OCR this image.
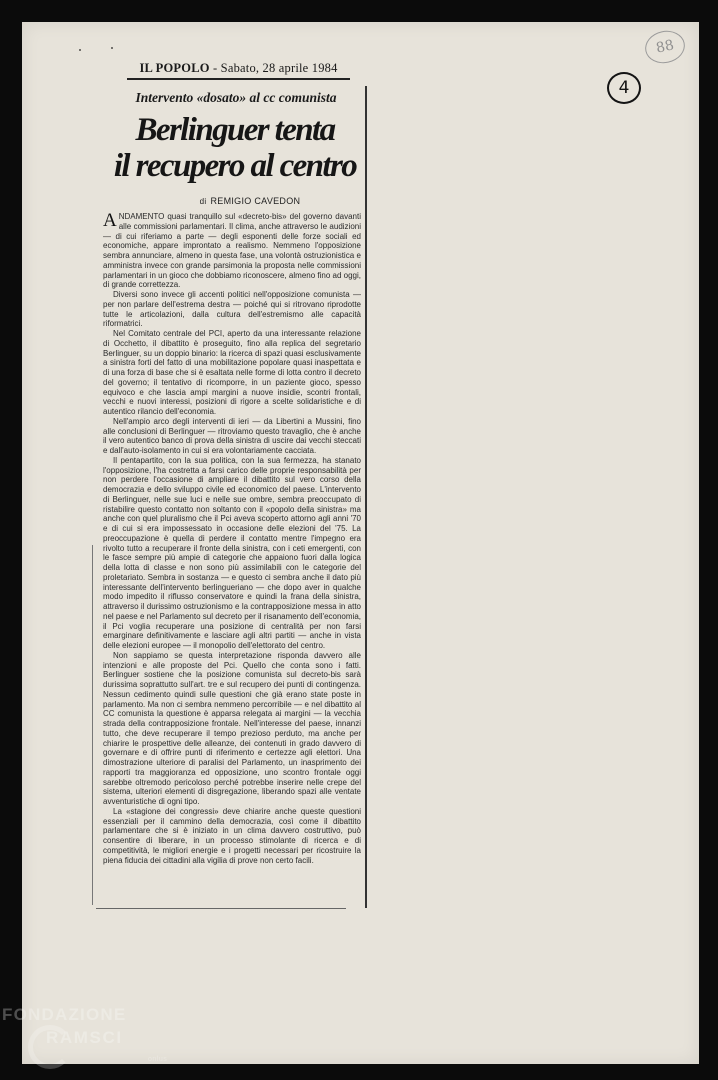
IL POPOLO - Sabato, 28 aprile 1984
Intervento «dosato» al cc comunista
Berlinguer tenta
il recupero al centro
di REMIGIO CAVEDON

ANDAMENTO quasi tranquillo sul «decreto-bis» del governo davanti alle commissioni parlamentari. Il clima, anche attraverso le audizioni — di cui riferiamo a parte — degli esponenti delle forze sociali ed economiche, appare improntato a realismo. Nemmeno l'opposizione sembra annunciare, almeno in questa fase, una volontà ostruzionistica e amministra invece con grande parsimonia la proposta nelle commissioni parlamentari in un gioco che dobbiamo riconoscere, almeno fino ad oggi, di grande correttezza.

Diversi sono invece gli accenti politici nell'opposizione comunista — per non parlare dell'estrema destra — poiché qui si ritrovano riprodotte tutte le articolazioni, dalla cultura dell'estremismo alle capacità riformatrici.

Nel Comitato centrale del PCI, aperto da una interessante relazione di Occhetto, il dibattito è proseguito, fino alla replica del segretario Berlinguer, su un doppio binario: la ricerca di spazi quasi esclusivamente a sinistra forti del fatto di una mobilitazione popolare quasi inaspettata e di una forza di base che si è esaltata nelle forme di lotta contro il decreto del governo; il tentativo di ricomporre, in un paziente gioco, spesso equivoco e che lascia ampi margini a nuove insidie, scontri frontali, vecchi e nuovi interessi, posizioni di rigore a scelte solidaristiche e di autentico rilancio dell'economia.

Nell'ampio arco degli interventi di ieri — da Libertini a Mussini, fino alle conclusioni di Berlinguer — ritroviamo questo travaglio, che è anche il vero autentico banco di prova della sinistra di uscire dai vecchi steccati e dall'auto-isolamento in cui si era volontariamente cacciata.

Il pentapartito, con la sua politica, con la sua fermezza, ha stanato l'opposizione, l'ha costretta a farsi carico delle proprie responsabilità per non perdere l'occasione di ampliare il dibattito sul vero corso della democrazia e dello sviluppo civile ed economico del paese. L'intervento di Berlinguer, nelle sue luci e nelle sue ombre, sembra preoccupato di ristabilire questo contatto non soltanto con il «popolo della sinistra» ma anche con quel pluralismo che il Pci aveva scoperto attorno agli anni '70 e di cui si era impossessato in occasione delle elezioni del '75. La preoccupazione è quella di perdere il contatto mentre l'impegno era rivolto tutto a recuperare il fronte della sinistra, con i ceti emergenti, con le fasce sempre più ampie di categorie che appaiono fuori dalla logica della lotta di classe e non sono più assimilabili con le categorie del proletariato. Sembra in sostanza — e questo ci sembra anche il dato più interessante dell'intervento berlingueriano — che dopo aver in qualche modo impedito il riflusso conservatore e quindi la frana della sinistra, attraverso il durissimo ostruzionismo e la contrapposizione messa in atto nel paese e nel Parlamento sul decreto per il risanamento dell'economia, il Pci voglia recuperare una posizione di centralità per non farsi emarginare definitivamente e lasciare agli altri partiti — anche in vista delle elezioni europee — il monopolio dell'elettorato del centro.

Non sappiamo se questa interpretazione risponda davvero alle intenzioni e alle proposte del Pci. Quello che conta sono i fatti. Berlinguer sostiene che la posizione comunista sul decreto-bis sarà durissima soprattutto sull'art. tre e sul recupero dei punti di contingenza. Nessun cedimento quindi sulle questioni che già erano state poste in parlamento. Ma non ci sembra nemmeno percorribile — e nel dibattito al CC comunista la questione è apparsa relegata ai margini — la vecchia strada della contrapposizione frontale. Nell'interesse del paese, innanzi tutto, che deve recuperare il tempo prezioso perduto, ma anche per chiarire le prospettive delle alleanze, dei contenuti in grado davvero di governare e di offrire punti di riferimento e certezze agli elettori. Una dimostrazione ulteriore di paralisi del Parlamento, un inasprimento dei rapporti tra maggioranza ed opposizione, uno scontro frontale oggi sarebbe oltremodo pericoloso perché potrebbe inserire nelle crepe del sistema, ulteriori elementi di disgregazione, liberando spazi alle ventate avventuristiche di ogni tipo.

La «stagione dei congressi» deve chiarire anche queste questioni essenziali per il cammino della democrazia, così come il dibattito parlamentare che si è iniziato in un clima davvero costruttivo, può consentire di liberare, in un processo stimolante di ricerca e di competitività, le migliori energie e i progetti necessari per ricostruire la piena fiducia dei cittadini alla vigilia di prove non certo facili.

4
88
FONDAZIONE
RAMSCI
onlus
